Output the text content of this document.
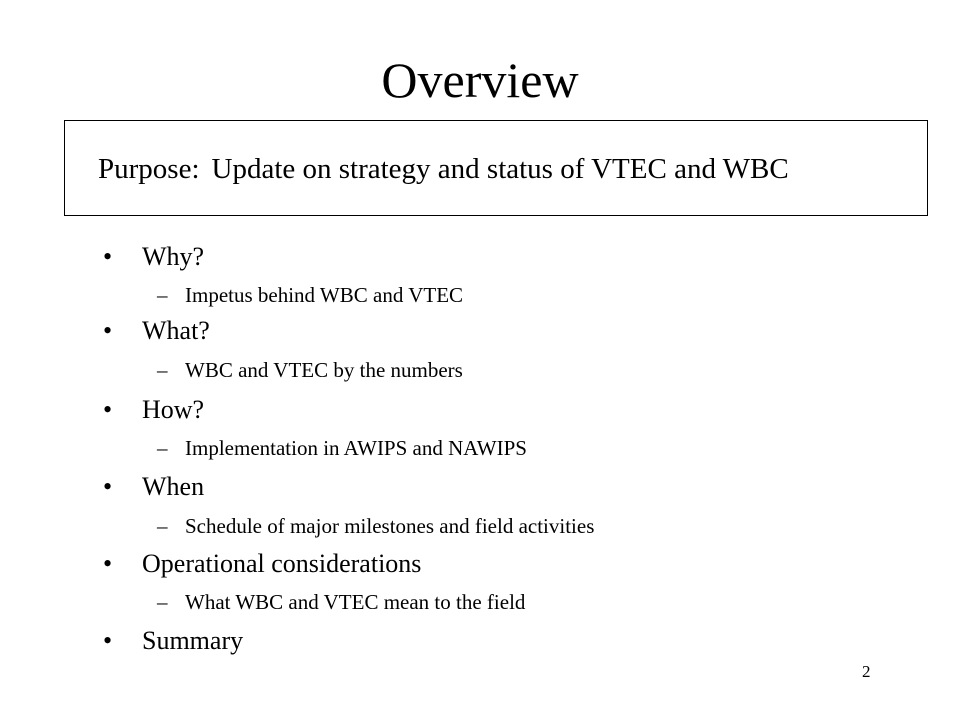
Overview
Purpose: Update on strategy and status of VTEC and WBC
•	Why?
– Impetus behind WBC and VTEC
•	What?
– WBC and VTEC by the numbers
•	How?
– Implementation in AWIPS and NAWIPS
•	When
– Schedule of major milestones and field activities
•	Operational considerations
– What WBC and VTEC mean to the field
•	Summary
2
